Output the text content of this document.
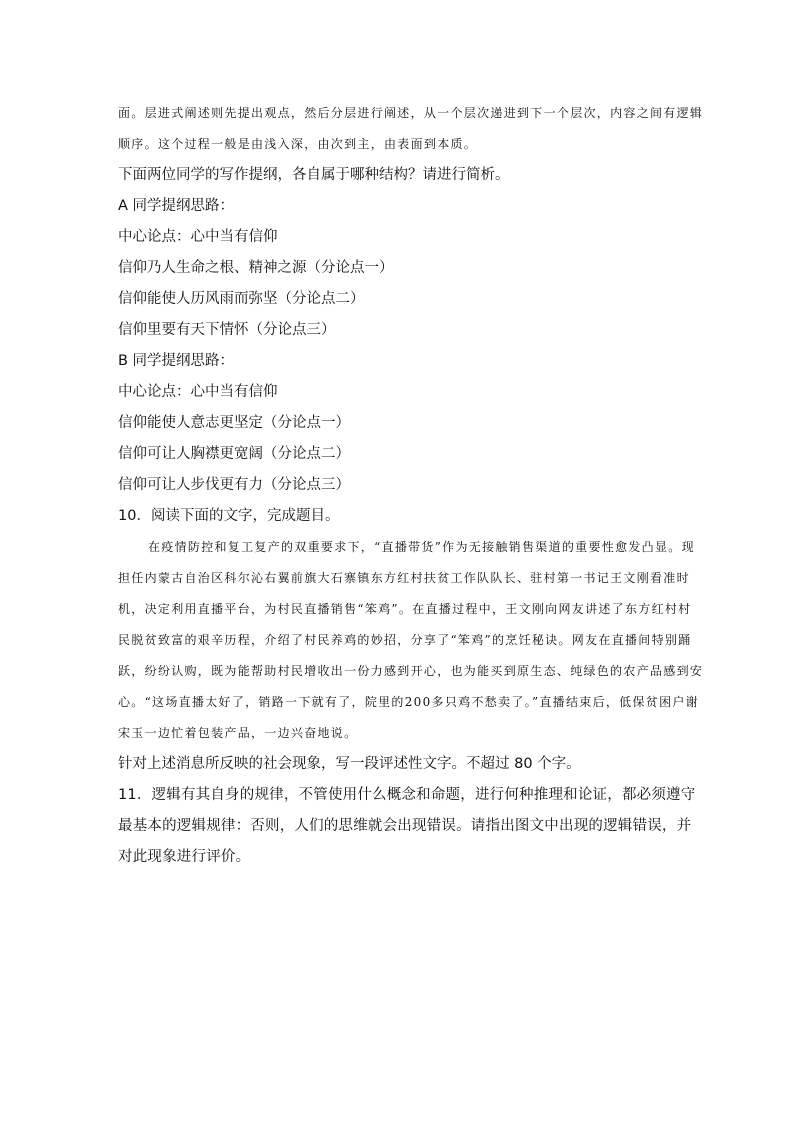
面。层进式阐述则先提出观点，然后分层进行阐述，从一个层次递进到下一个层次，内容之间有逻辑顺序。这个过程一般是由浅入深，由次到主，由表面到本质。

下面两位同学的写作提纲，各自属于哪种结构？请进行简析。

A 同学提纲思路：
中心论点：心中当有信仰
信仰乃人生命之根、精神之源（分论点一）
信仰能使人历风雨而弥坚（分论点二）
信仰里要有天下情怀（分论点三）
B 同学提纲思路：
中心论点：心中当有信仰
信仰能使人意志更坚定（分论点一）
信仰可让人胸襟更宽阔（分论点二）
信仰可让人步伐更有力（分论点三）

10．阅读下面的文字，完成题目。

在疫情防控和复工复产的双重要求下，“直播带货”作为无接触销售渠道的重要性愈发凸显。现担任内蒙古自治区科尔沁右翼前旗大石寨镇东方红村扶贫工作队队长、驻村第一书记王文刚看准时机，决定利用直播平台，为村民直播销售“笨鸡”。在直播过程中，王文刚向网友讲述了东方红村村民脱贫致富的艰辛历程，介绍了村民养鸡的妙招，分享了“笨鸡”的烹饪秘诀。网友在直播间特别踊跃，纷纷认购，既为能帮助村民增收出一份力感到开心，也为能买到原生态、纯绿色的农产品感到安心。“这场直播太好了，销路一下就有了，院里的200多只鸡不愁卖了。”直播结束后，低保贫困户谢宋玉一边忙着包装产品，一边兴奋地说。

针对上述消息所反映的社会现象，写一段评述性文字。不超过 80 个字。

11．逻辑有其自身的规律，不管使用什么概念和命题，进行何种推理和论证，都必须遵守最基本的逻辑规律：否则，人们的思维就会出现错误。请指出图文中出现的逻辑错误，并对此现象进行评价。
